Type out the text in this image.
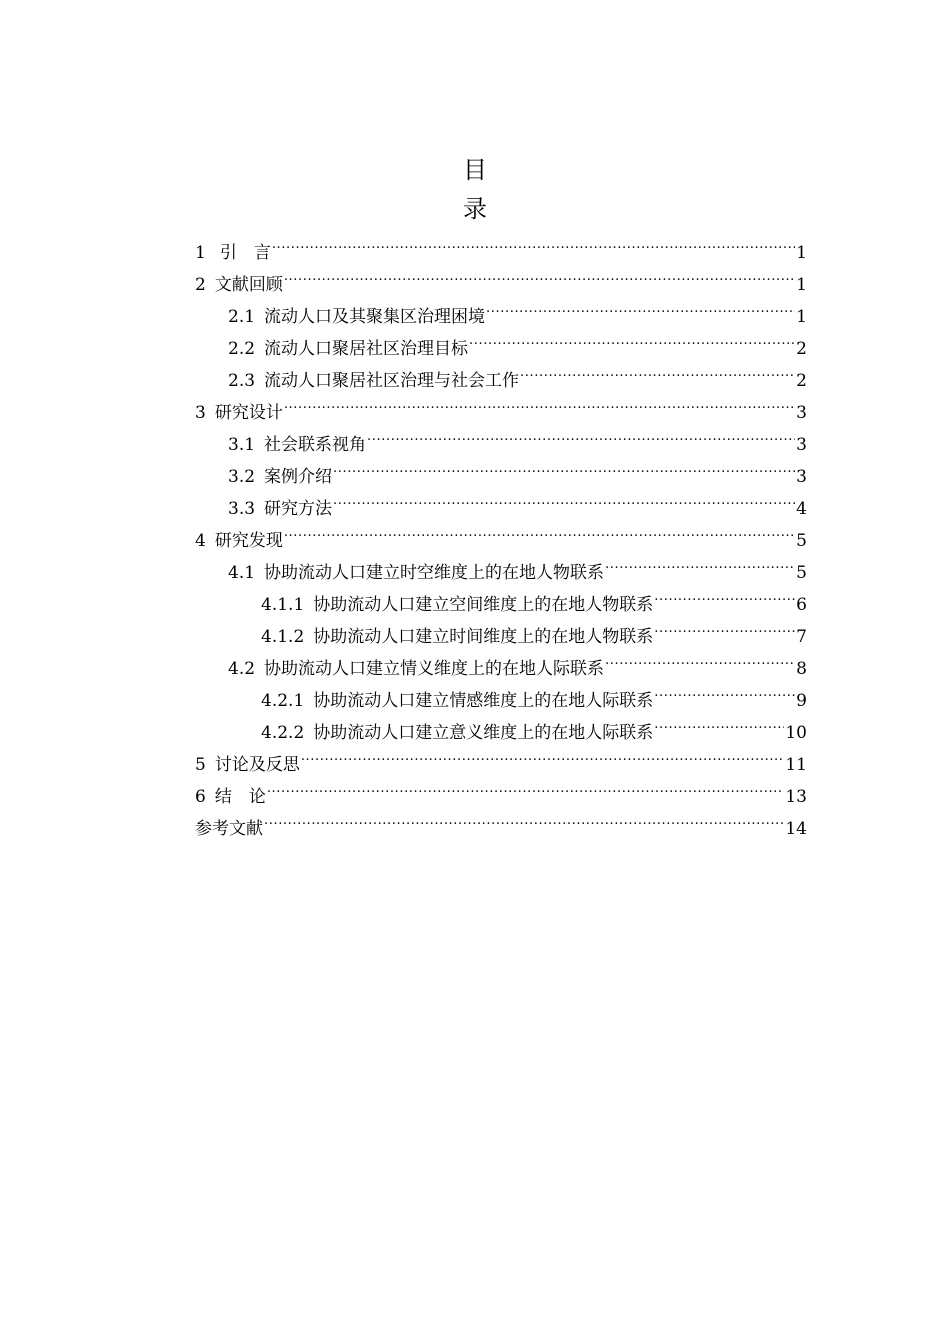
目
录
1 引　言 .....	1
2 文献回顾 .....	1
2.1 流动人口及其聚集区治理困境 .....	1
2.2 流动人口聚居社区治理目标 .....	2
2.3 流动人口聚居社区治理与社会工作 .....	2
3 研究设计 .....	3
3.1 社会联系视角 .....	3
3.2 案例介绍 .....	3
3.3 研究方法 .....	4
4 研究发现 .....	5
4.1 协助流动人口建立时空维度上的在地人物联系 .....	5
4.1.1 协助流动人口建立空间维度上的在地人物联系 .....	6
4.1.2 协助流动人口建立时间维度上的在地人物联系 .....	7
4.2 协助流动人口建立情义维度上的在地人际联系 .....	8
4.2.1 协助流动人口建立情感维度上的在地人际联系 .....	9
4.2.2 协助流动人口建立意义维度上的在地人际联系 .....	10
5 讨论及反思 .....	11
6 结　论 .....	13
参考文献 .....	14
